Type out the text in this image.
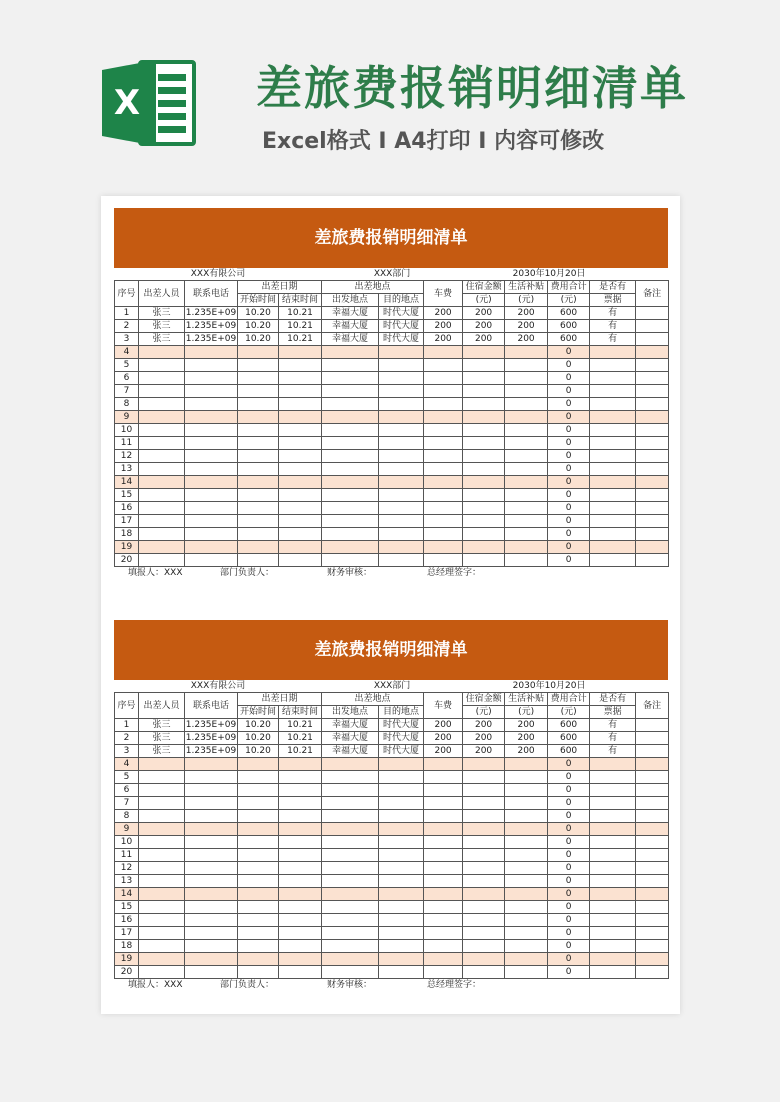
X	差旅费报销明细清单
Excel格式 I A4打印 I 内容可修改
差旅费报销明细清单
XXX有限公司					XXX部门			2030年10月20日				
序号	出差人员	联系电话	出差日期		出差地点		车费	住宿金额	生活补贴	费用合计	是否有	备注
			开始时间	结束时间	出发地点	目的地点		(元)	(元)	(元)	票据	
1	张三	1.235E+09	10.20	10.21	幸福大厦	时代大厦	200	200	200	600	有	
2	张三	1.235E+09	10.20	10.21	幸福大厦	时代大厦	200	200	200	600	有	
3	张三	1.235E+09	10.20	10.21	幸福大厦	时代大厦	200	200	200	600	有	
4										0		
5										0		
6										0		
7										0		
8										0		
9										0		
10										0		
11										0		
12										0		
13										0		
14										0		
15										0		
16										0		
17										0		
18										0		
19										0		
20										0		
填报人：XXX	部门负责人：	财务审核：	总经理签字：
差旅费报销明细清单
XXX有限公司					XXX部门			2030年10月20日				
序号	出差人员	联系电话	出差日期		出差地点		车费	住宿金额	生活补贴	费用合计	是否有	备注
			开始时间	结束时间	出发地点	目的地点		(元)	(元)	(元)	票据	
1	张三	1.235E+09	10.20	10.21	幸福大厦	时代大厦	200	200	200	600	有	
2	张三	1.235E+09	10.20	10.21	幸福大厦	时代大厦	200	200	200	600	有	
3	张三	1.235E+09	10.20	10.21	幸福大厦	时代大厦	200	200	200	600	有	
4										0		
5										0		
6										0		
7										0		
8										0		
9										0		
10										0		
11										0		
12										0		
13										0		
14										0		
15										0		
16										0		
17										0		
18										0		
19										0		
20										0		
填报人：XXX	部门负责人：	财务审核：	总经理签字：
